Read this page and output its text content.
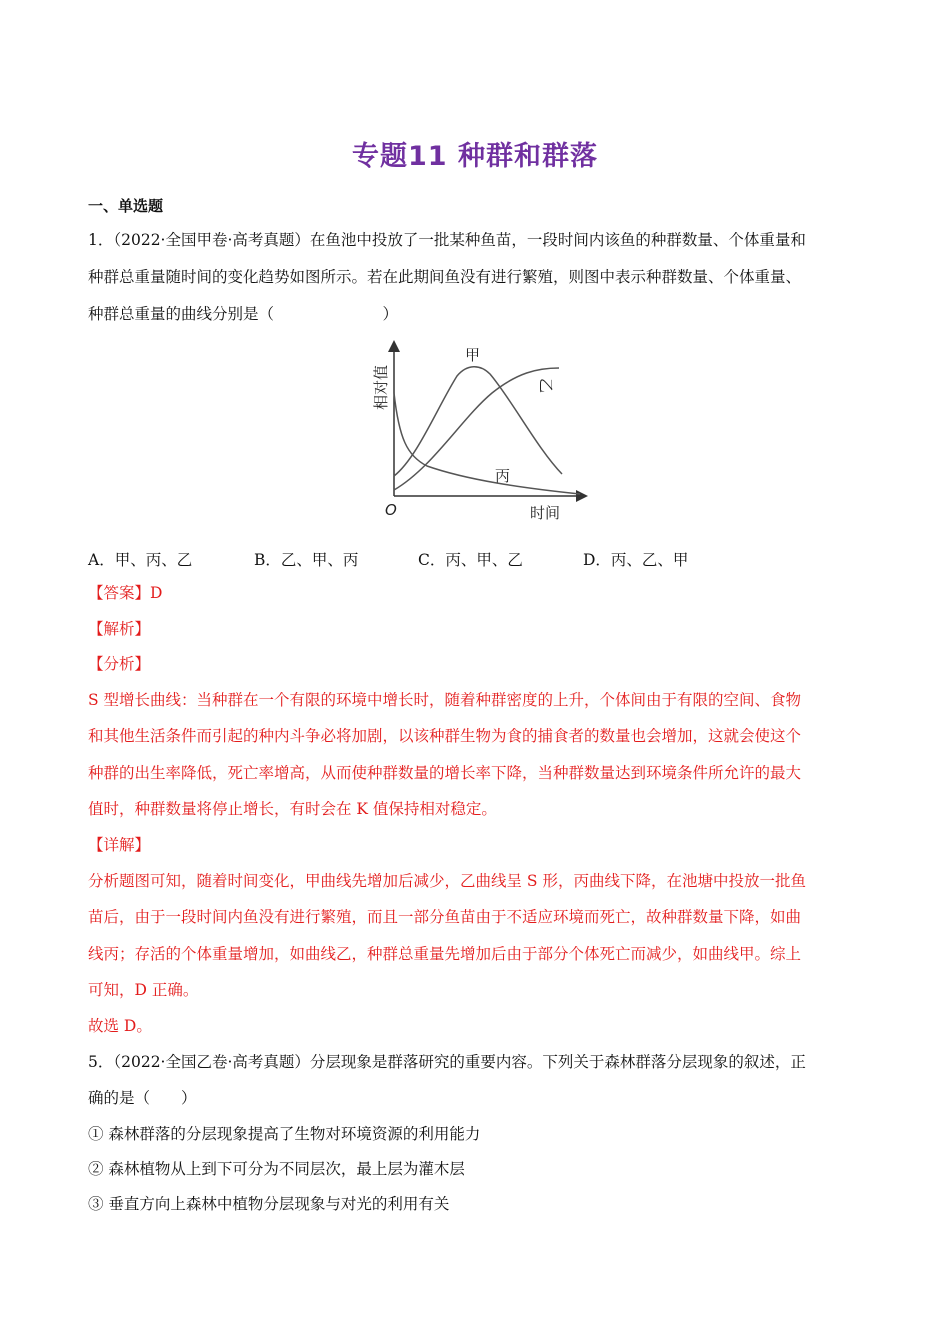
专题11 种群和群落
一、单选题
1．（2022·全国甲卷·高考真题）在鱼池中投放了一批某种鱼苗，一段时间内该鱼的种群数量、个体重量和
种群总重量随时间的变化趋势如图所示。若在此期间鱼没有进行繁殖，则图中表示种群数量、个体重量、
种群总重量的曲线分别是（　　　　　　　）
甲
乙
丙
相对值
时间
O
A．甲、丙、乙	B．乙、甲、丙	C．丙、甲、乙	D．丙、乙、甲
【答案】D
【解析】
【分析】
S 型增长曲线：当种群在一个有限的环境中增长时，随着种群密度的上升，个体间由于有限的空间、食物
和其他生活条件而引起的种内斗争必将加剧，以该种群生物为食的捕食者的数量也会增加，这就会使这个
种群的出生率降低，死亡率增高，从而使种群数量的增长率下降，当种群数量达到环境条件所允许的最大
值时，种群数量将停止增长，有时会在 K 值保持相对稳定。
【详解】
分析题图可知，随着时间变化，甲曲线先增加后减少，乙曲线呈 S 形，丙曲线下降，在池塘中投放一批鱼
苗后，由于一段时间内鱼没有进行繁殖，而且一部分鱼苗由于不适应环境而死亡，故种群数量下降，如曲
线丙；存活的个体重量增加，如曲线乙，种群总重量先增加后由于部分个体死亡而减少，如曲线甲。综上
可知，D 正确。
故选 D。
5．（2022·全国乙卷·高考真题）分层现象是群落研究的重要内容。下列关于森林群落分层现象的叙述，正
确的是（　　）
① 森林群落的分层现象提高了生物对环境资源的利用能力
② 森林植物从上到下可分为不同层次，最上层为灌木层
③ 垂直方向上森林中植物分层现象与对光的利用有关
